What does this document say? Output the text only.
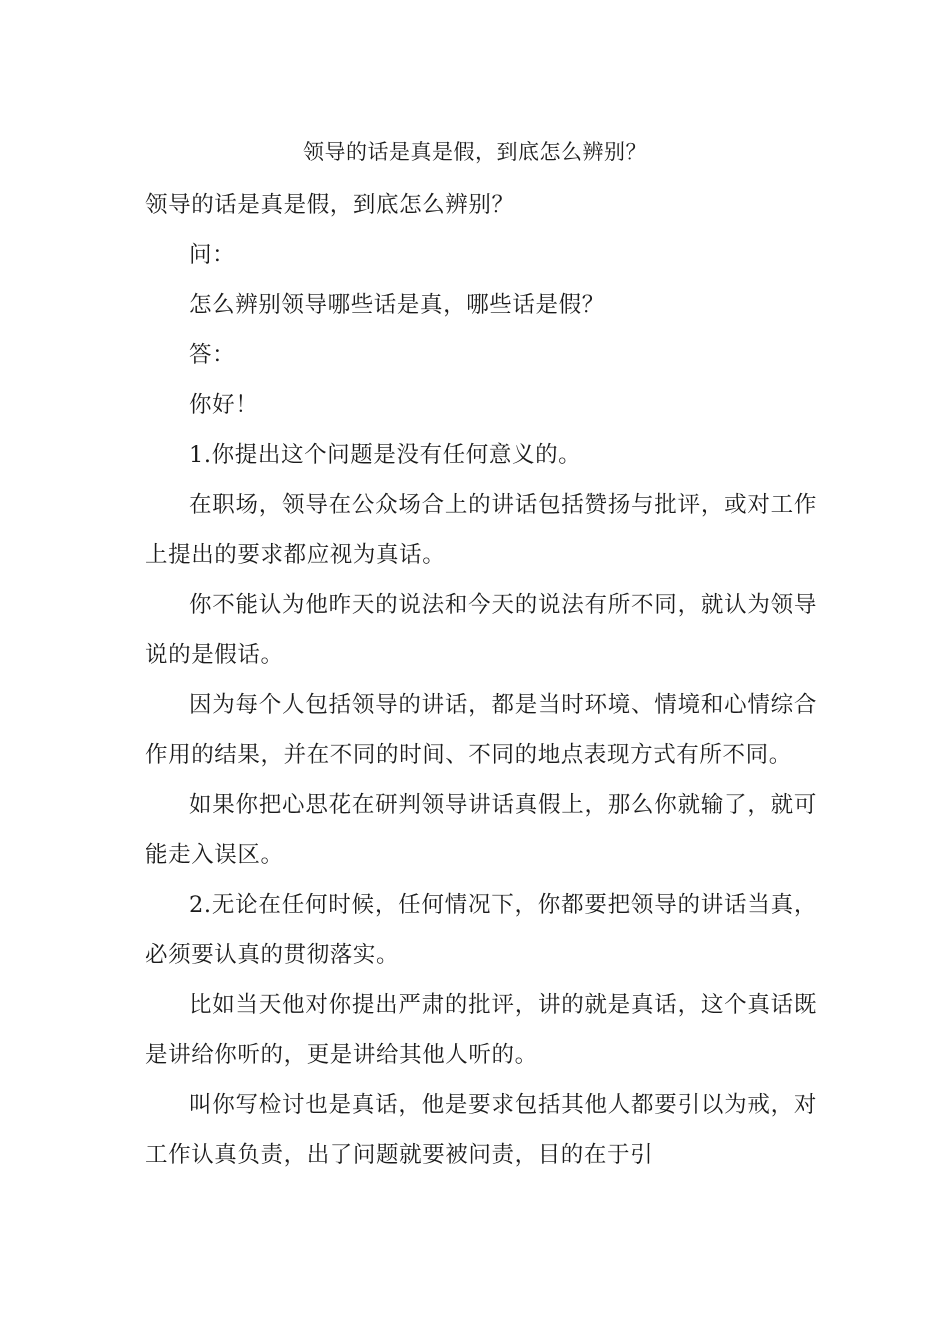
领导的话是真是假，到底怎么辨别？

领导的话是真是假，到底怎么辨别？

问：

怎么辨别领导哪些话是真，哪些话是假？

答：

你好！

1.你提出这个问题是没有任何意义的。

在职场，领导在公众场合上的讲话包括赞扬与批评，或对工作上提出的要求都应视为真话。

你不能认为他昨天的说法和今天的说法有所不同，就认为领导说的是假话。

因为每个人包括领导的讲话，都是当时环境、情境和心情综合作用的结果，并在不同的时间、不同的地点表现方式有所不同。

如果你把心思花在研判领导讲话真假上，那么你就输了，就可能走入误区。

2.无论在任何时候，任何情况下，你都要把领导的讲话当真，必须要认真的贯彻落实。

比如当天他对你提出严肃的批评，讲的就是真话，这个真话既是讲给你听的，更是讲给其他人听的。

叫你写检讨也是真话，他是要求包括其他人都要引以为戒，对工作认真负责，出了问题就要被问责，目的在于引
